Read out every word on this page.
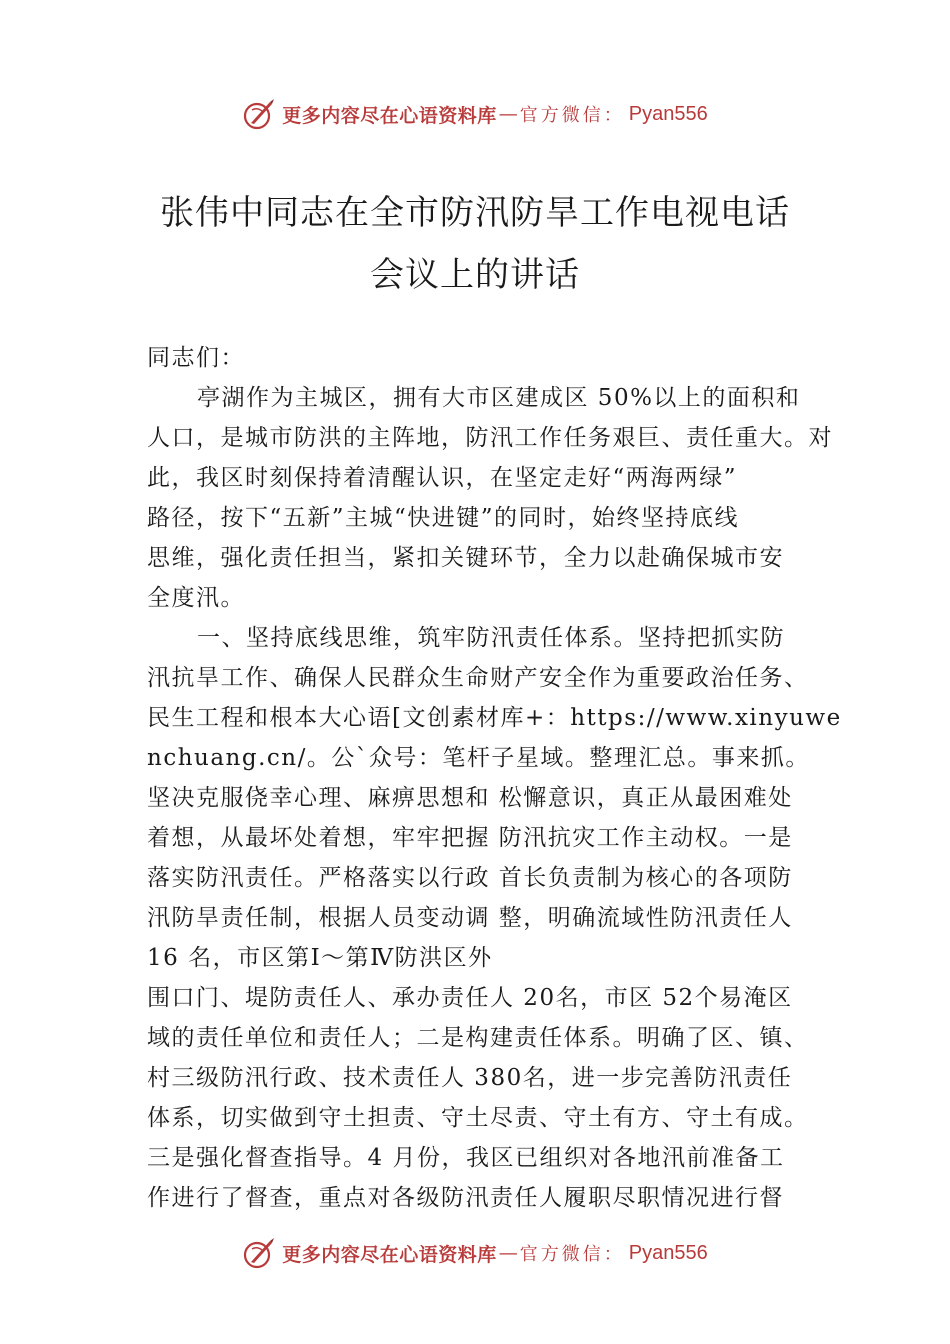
更多内容尽在心语资料库 — 官方微信： Pyan556
张伟中同志在全市防汛防旱工作电视电话
会议上的讲话

同志们：

亭湖作为主城区，拥有大市区建成区 50%以上的面积和

人口，是城市防洪的主阵地，防汛工作任务艰巨、责任重大。对
此，我区时刻保持着清醒认识，在坚定走好“两海两绿”
路径，按下“五新”主城“快进键”的同时，始终坚持底线
思维，强化责任担当，紧扣关键环节，全力以赴确保城市安
全度汛。

一、坚持底线思维，筑牢防汛责任体系。坚持把抓实防

汛抗旱工作、确保人民群众生命财产安全作为重要政治任务、
民生工程和根本大心语[文创素材库+：https://www.xinyuwe
nchuang.cn/。公`众号：笔杆子星域。整理汇总。事来抓。
坚决克服侥幸心理、麻痹思想和 松懈意识，真正从最困难处
着想，从最坏处着想，牢牢把握 防汛抗灾工作主动权。一是
落实防汛责任。严格落实以行政 首长负责制为核心的各项防
汛防旱责任制，根据人员变动调 整，明确流域性防汛责任人
16 名，市区第Ⅰ～第Ⅳ防洪区外
围口门、堤防责任人、承办责任人 20名，市区 52个易淹区
域的责任单位和责任人；二是构建责任体系。明确了区、镇、
村三级防汛行政、技术责任人 380名，进一步完善防汛责任
体系，切实做到守土担责、守土尽责、守土有方、守土有成。
三是强化督查指导。4 月份，我区已组织对各地汛前准备工
作进行了督查，重点对各级防汛责任人履职尽职情况进行督

更多内容尽在心语资料库 — 官方微信： Pyan556
